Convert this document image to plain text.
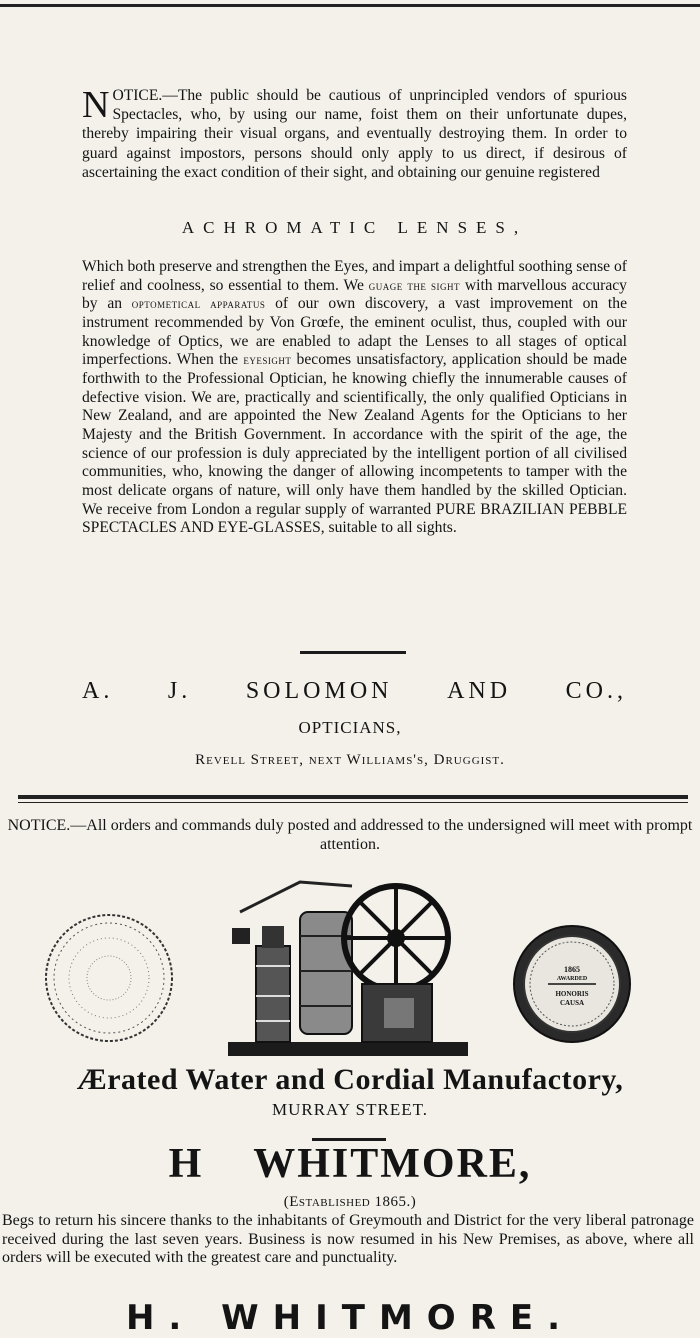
NOTICE.—The public should be cautious of unprincipled vendors of spurious Spectacles, who, by using our name, foist them on their unfortunate dupes, thereby impairing their visual organs, and eventually destroying them. In order to guard against impostors, persons should only apply to us direct, if desirous of ascertaining the exact condition of their sight, and obtaining our genuine registered
ACHROMATIC LENSES,
Which both preserve and strengthen the Eyes, and impart a delightful soothing sense of relief and coolness, so essential to them. We guage the sight with marvellous accuracy by an optometical apparatus of our own discovery, a vast improvement on the instrument recommended by Von Grœfe, the eminent oculist, thus, coupled with our knowledge of Optics, we are enabled to adapt the Lenses to all stages of optical imperfections. When the eyesight becomes unsatisfactory, application should be made forthwith to the Professional Optician, he knowing chiefly the innumerable causes of defective vision. We are, practically and scientifically, the only qualified Opticians in New Zealand, and are appointed the New Zealand Agents for the Opticians to her Majesty and the British Government. In accordance with the spirit of the age, the science of our profession is duly appreciated by the intelligent portion of all civilised communities, who, knowing the danger of allowing incompetents to tamper with the most delicate organs of nature, will only have them handled by the skilled Optician. We receive from London a regular supply of warranted PURE BRAZILIAN PEBBLE SPECTACLES AND EYE-GLASSES, suitable to all sights.
A. J. SOLOMON AND CO.,
OPTICIANS,
Revell Street, next Williams's, Druggist.
NOTICE.—All orders and commands duly posted and addressed to the undersigned will meet with prompt attention.
1865
AWARDED
HONORIS
CAUSA
Ærated Water and Cordial Manufactory,
MURRAY STREET.
H WHITMORE,
(Established 1865.)
Begs to return his sincere thanks to the inhabitants of Greymouth and District for the very liberal patronage received during the last seven years. Business is now resumed in his New Premises, as above, where all orders will be executed with the greatest care and punctuality.
H. WHITMORE.
